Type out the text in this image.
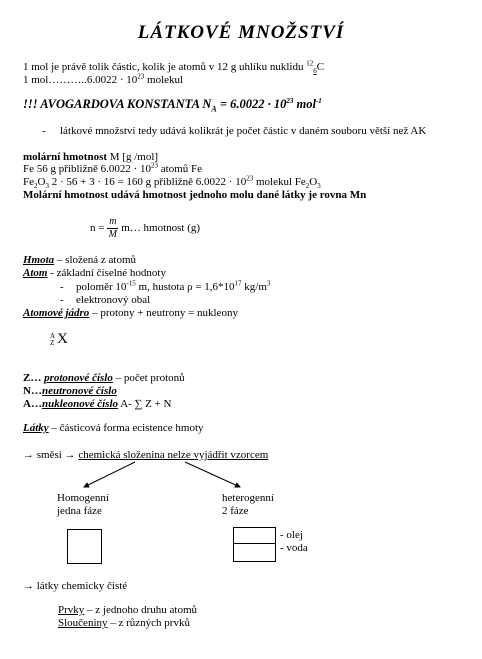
LÁTKOVÉ MNOŽSTVÍ
1 mol je právě tolik částic, kolik je atomů v 12 g uhlíku nuklidu $^{12}_6$C
1 mol………..6.0022 · $10^{23}$ molekul
!!! AVOGARDOVA KONSTANTA $N_A = 6.0022 \cdot 10^{23}$ mol$^{-1}$
- látkové množství tedy udává kolikrát je počet částic v daném souboru větší než AK
molární hmotnost M [g /mol]
Fe 56 g přibližně $6.0022 \cdot 10^{23}$ atomů Fe
$Fe_2O_3$ 2 · 56 + 3 · 16 = 160 g přibližně $6.0022 \cdot 10^{23}$ molekul $Fe_2O_3$
Molární hmotnost udává hmotnost jednoho molu dané látky je rovna Mn
$n = \frac{m}{M}$ m… hmotnost (g)
Hmota – složená z atomů
Atom - základní číselné hodnoty
- poloměr $10^{-15}$ m, hustota $\rho = 1,6*10^{17}$ $kg/m^3$
- elektronový obal
Atomové jádro – protony + neutrony = nukleony
A
Z X
Z… protonové číslo – počet protonů
N…neutronové číslo
A…nukleonové číslo A- ∑ Z + N
Látky – částicová forma ecistence hmoty
→ směsi → chemická složenina nelze vyjádřit vzorcem
Homogenní
jedna fáze
heterogenní
2 fáze
- olej
- voda
→ látky chemicky čisté
Prvky – z jednoho druhu atomů
Sloučeniny – z různých prvků
